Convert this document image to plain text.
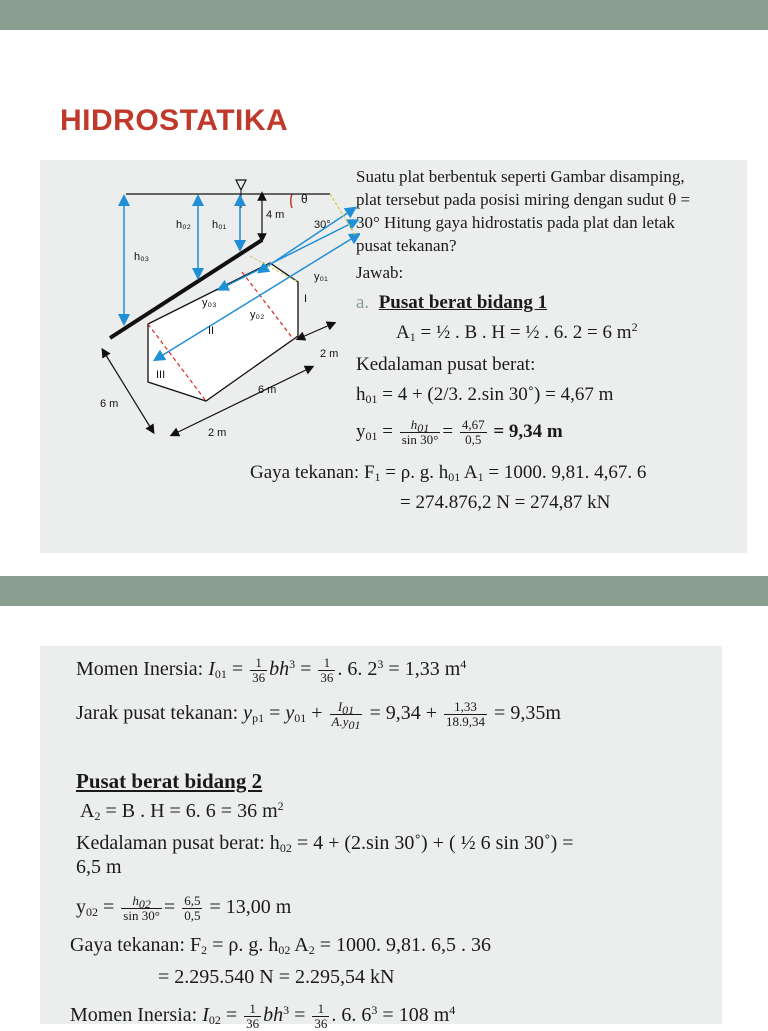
HIDROSTATIKA
θ
30°
4 m
h₀₁
h₀₂
h₀₃
y₀₁
y₀₂
y₀₃	I
II
III
2 m
6 m
6 m
2 m
Suatu plat berbentuk seperti Gambar disamping,
plat tersebut pada posisi miring dengan sudut θ =
30° Hitung gaya hidrostatis pada plat dan letak
pusat tekanan?
Jawab:
a. Pusat berat bidang 1
$A_1$ = ½ . B . H = ½ . 6. 2 = 6 $m^2$
Kedalaman pusat berat:
$h_{01} = 4 + (2/3$. 2.sin 30˚) = 4,67 m
$y_{01} = \frac{h_{01}}{\sin 30^\circ} = \frac{4,67}{0,5} = 9,34$ m
Gaya tekanan: $F_1 = \rho$. g. $h_{01}$ $A_1 = 1000$. 9,81. 4,67. 6
= 274.876,2 N = 274,87 kN
Momen Inersia: $I_{01} = \frac{1}{36} bh^3 = \frac{1}{36}$ . 6. $2^3 = 1,33$ $m^4$
Jarak pusat tekanan: $y_{p1} = y_{01} + \frac{I_{01}}{A.y_{01}} = 9,34 + \frac{1,33}{18.9,34} = 9,35m$
Pusat berat bidang 2
$A_2 = B$ . H = 6. 6 = 36 $m^2$
Kedalaman pusat berat: $h_{02} = 4 + (2.\sin$ 30˚) + ( ½ 6 sin 30˚) =
6,5 m
$y_{02} = \frac{h_{02}}{\sin 30^\circ} = \frac{6,5}{0,5} = 13,00$ m
Gaya tekanan: $F_2 = \rho$. g. $h_{02}$ $A_2 = 1000$. 9,81. 6,5 . 36
= 2.295.540 N = 2.295,54 kN
Momen Inersia: $I_{02} = \frac{1}{36} bh^3 = \frac{1}{36}$ . 6. $6^3 = 108$ $m^4$
